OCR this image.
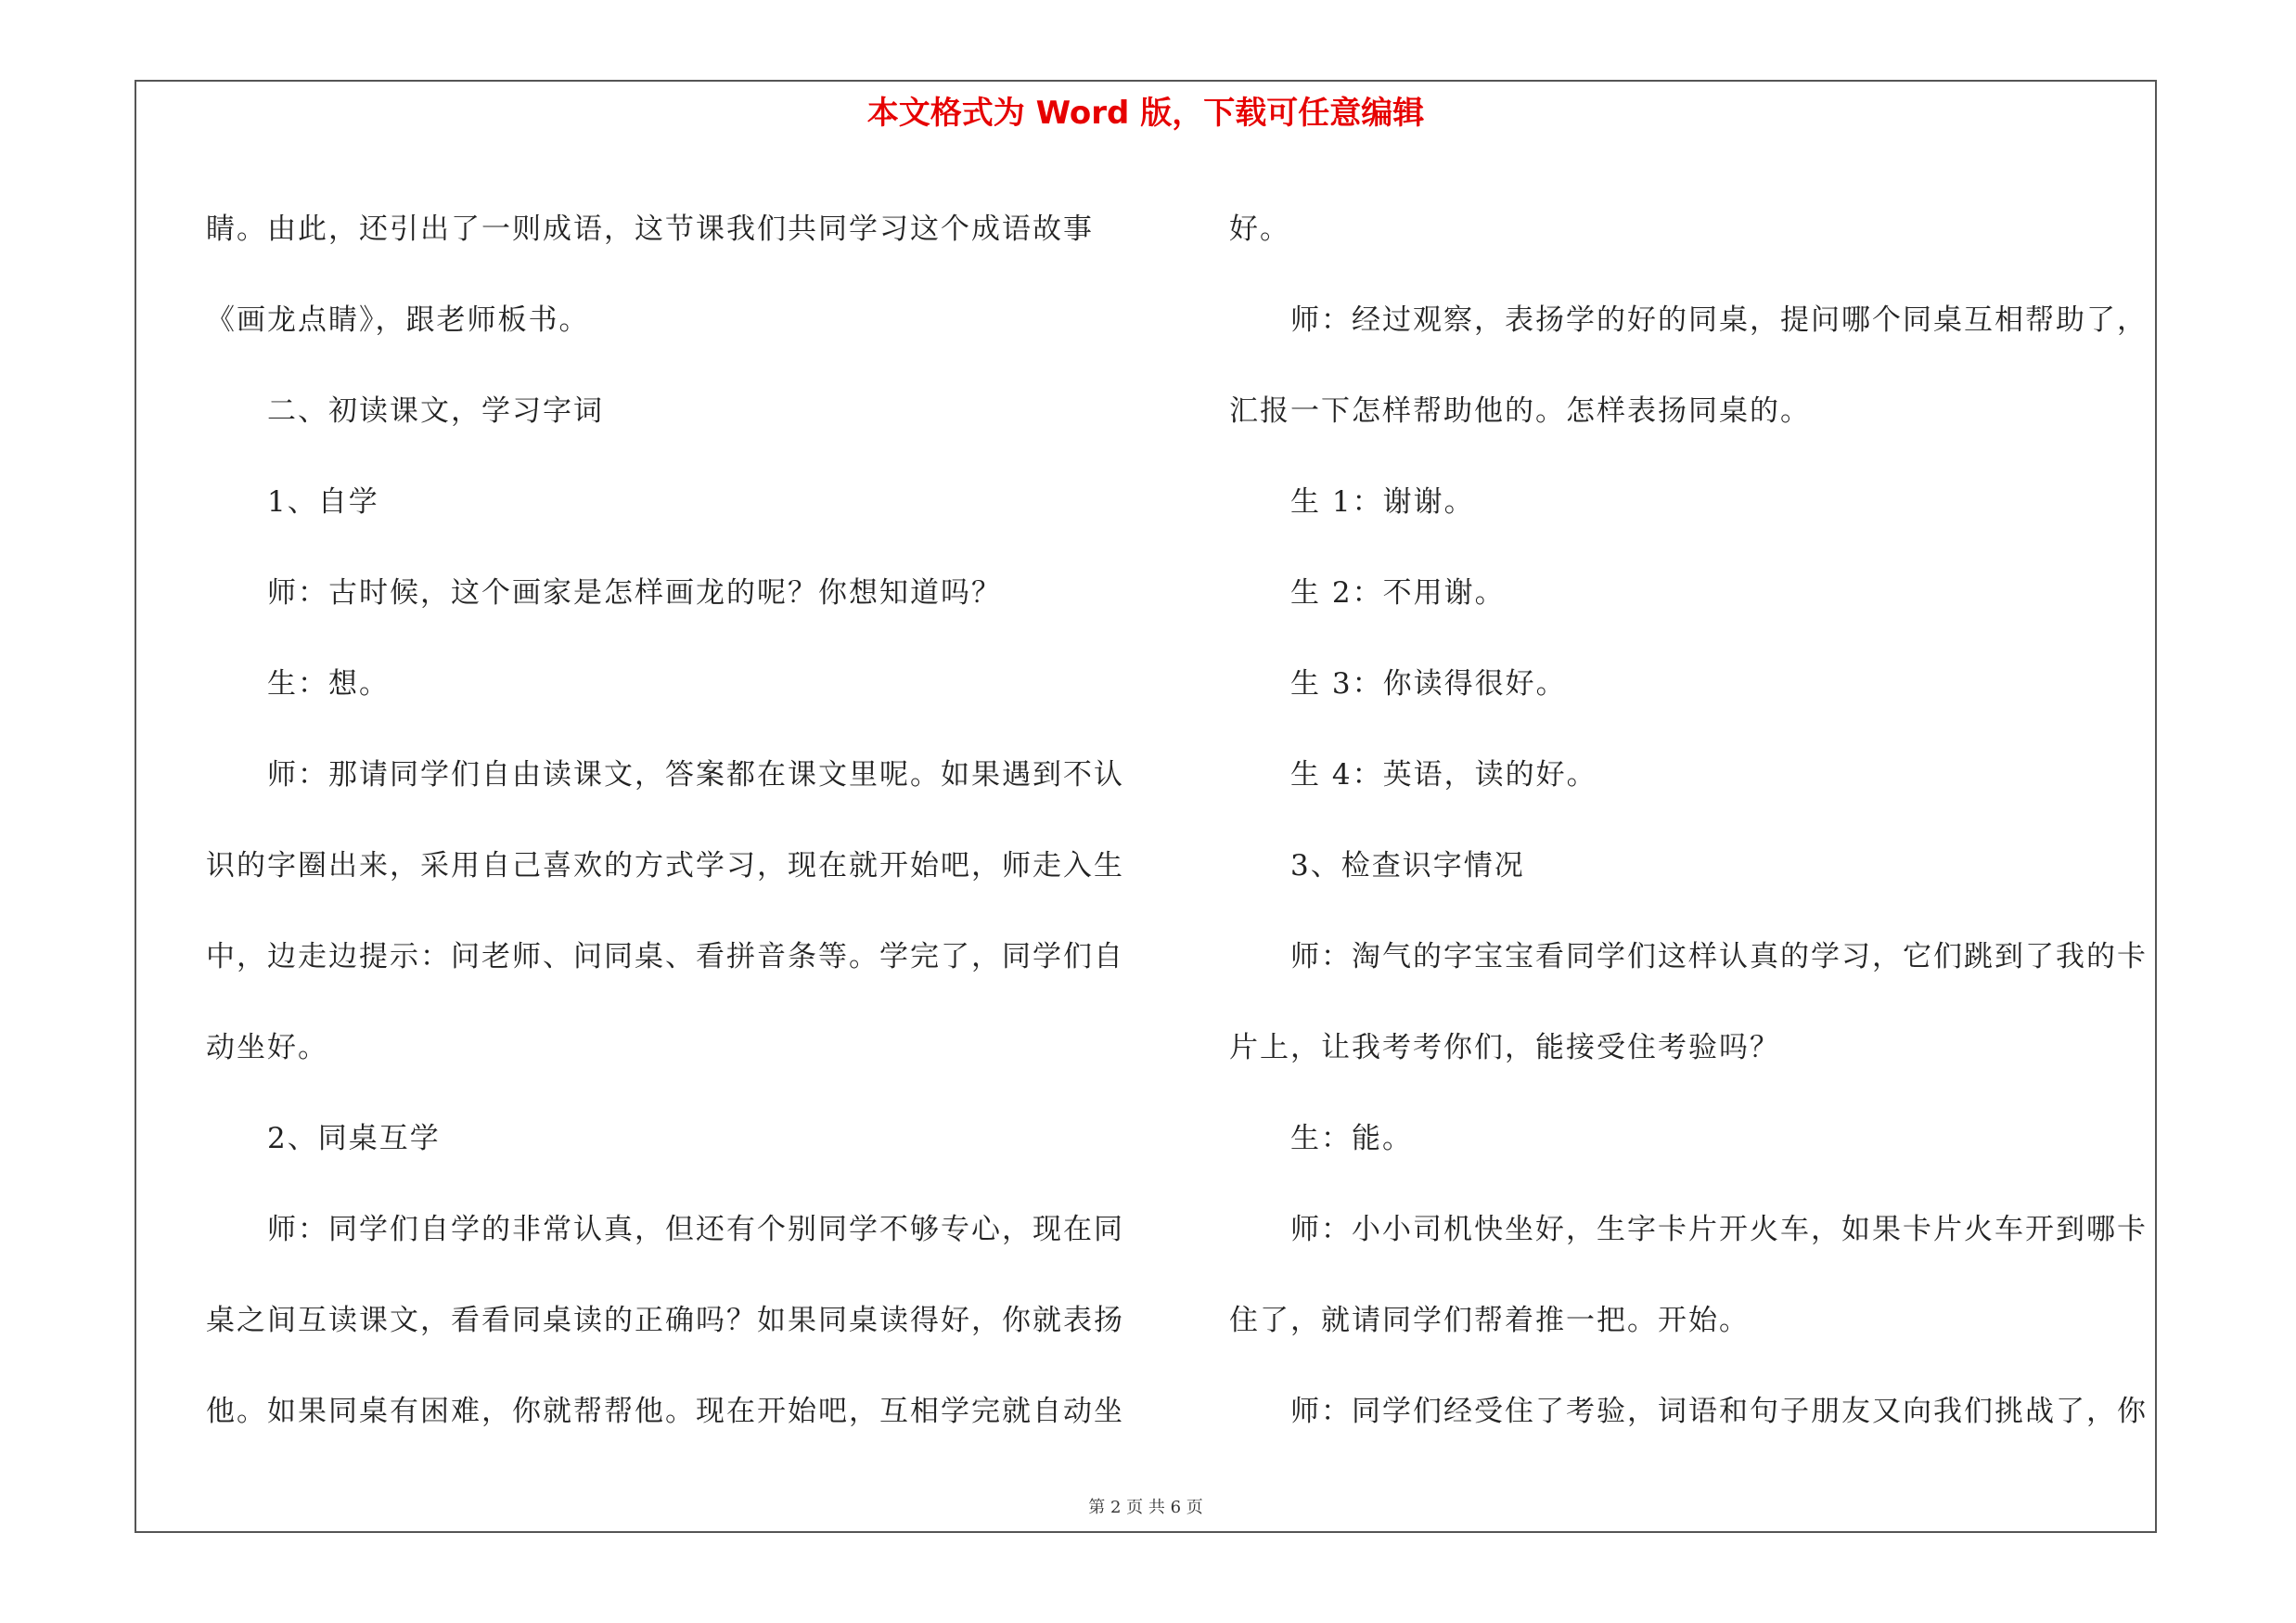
本文格式为 Word 版，下载可任意编辑
睛。由此，还引出了一则成语，这节课我们共同学习这个成语故事
《画龙点睛》，跟老师板书。
二、初读课文，学习字词
1、自学
师：古时候，这个画家是怎样画龙的呢？你想知道吗？
生：想。
师：那请同学们自由读课文，答案都在课文里呢。如果遇到不认
识的字圈出来，采用自己喜欢的方式学习，现在就开始吧，师走入生
中，边走边提示：问老师、问同桌、看拼音条等。学完了，同学们自
动坐好。
2、同桌互学
师：同学们自学的非常认真，但还有个别同学不够专心，现在同
桌之间互读课文，看看同桌读的正确吗？如果同桌读得好，你就表扬
他。如果同桌有困难，你就帮帮他。现在开始吧，互相学完就自动坐
好。
师：经过观察，表扬学的好的同桌，提问哪个同桌互相帮助了，
汇报一下怎样帮助他的。怎样表扬同桌的。
生 1：谢谢。
生 2：不用谢。
生 3：你读得很好。
生 4：英语，读的好。
3、检查识字情况
师：淘气的字宝宝看同学们这样认真的学习，它们跳到了我的卡
片上，让我考考你们，能接受住考验吗？
生：能。
师：小小司机快坐好，生字卡片开火车，如果卡片火车开到哪卡
住了，就请同学们帮着推一把。开始。
师：同学们经受住了考验，词语和句子朋友又向我们挑战了，你
第 2 页 共 6 页
